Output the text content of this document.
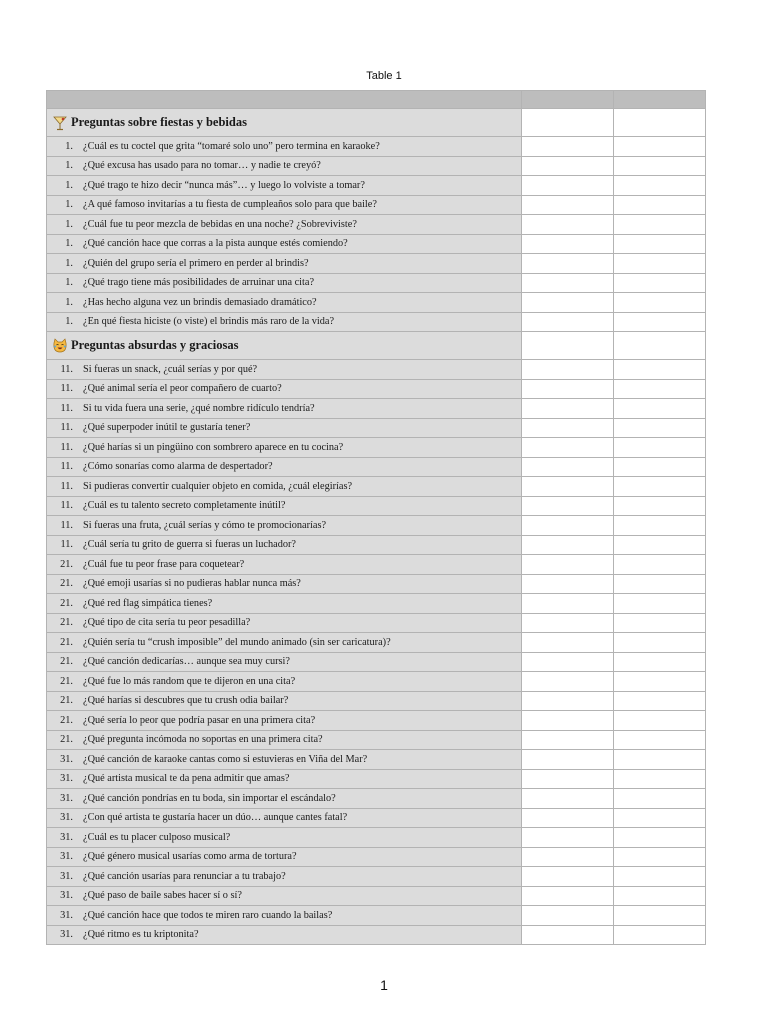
Table 1

Preguntas sobre fiestas y bebidas		

1. ¿Cuál es tu coctel que grita “tomaré solo uno” pero termina en karaoke?		

1. ¿Qué excusa has usado para no tomar… y nadie te creyó?		

1. ¿Qué trago te hizo decir “nunca más”… y luego lo volviste a tomar?		

1. ¿A qué famoso invitarías a tu fiesta de cumpleaños solo para que baile?		

1. ¿Cuál fue tu peor mezcla de bebidas en una noche? ¿Sobreviviste?		

1. ¿Qué canción hace que corras a la pista aunque estés comiendo?		

1. ¿Quién del grupo sería el primero en perder al brindis?		

1. ¿Qué trago tiene más posibilidades de arruinar una cita?		

1. ¿Has hecho alguna vez un brindis demasiado dramático?		

1. ¿En qué fiesta hiciste (o viste) el brindis más raro de la vida?		

Preguntas absurdas y graciosas		

11. Si fueras un snack, ¿cuál serías y por qué?		

11. ¿Qué animal sería el peor compañero de cuarto?		

11. Si tu vida fuera una serie, ¿qué nombre ridículo tendría?		

11. ¿Qué superpoder inútil te gustaría tener?		

11. ¿Qué harías si un pingüino con sombrero aparece en tu cocina?		

11. ¿Cómo sonarías como alarma de despertador?		

11. Si pudieras convertir cualquier objeto en comida, ¿cuál elegirías?		

11. ¿Cuál es tu talento secreto completamente inútil?		

11. Si fueras una fruta, ¿cuál serías y cómo te promocionarías?		

11. ¿Cuál sería tu grito de guerra si fueras un luchador?		

21. ¿Cuál fue tu peor frase para coquetear?		

21. ¿Qué emoji usarías si no pudieras hablar nunca más?		

21. ¿Qué red flag simpática tienes?		

21. ¿Qué tipo de cita sería tu peor pesadilla?		

21. ¿Quién sería tu “crush imposible” del mundo animado (sin ser caricatura)?		

21. ¿Qué canción dedicarías… aunque sea muy cursi?		

21. ¿Qué fue lo más random que te dijeron en una cita?		

21. ¿Qué harías si descubres que tu crush odia bailar?		

21. ¿Qué sería lo peor que podría pasar en una primera cita?		

21. ¿Qué pregunta incómoda no soportas en una primera cita?		

31. ¿Qué canción de karaoke cantas como si estuvieras en Viña del Mar?		

31. ¿Qué artista musical te da pena admitir que amas?		

31. ¿Qué canción pondrías en tu boda, sin importar el escándalo?		

31. ¿Con qué artista te gustaría hacer un dúo… aunque cantes fatal?		

31. ¿Cuál es tu placer culposo musical?		

31. ¿Qué género musical usarías como arma de tortura?		

31. ¿Qué canción usarías para renunciar a tu trabajo?		

31. ¿Qué paso de baile sabes hacer sí o sí?		

31. ¿Qué canción hace que todos te miren raro cuando la bailas?		

31. ¿Qué ritmo es tu kriptonita?		

1
